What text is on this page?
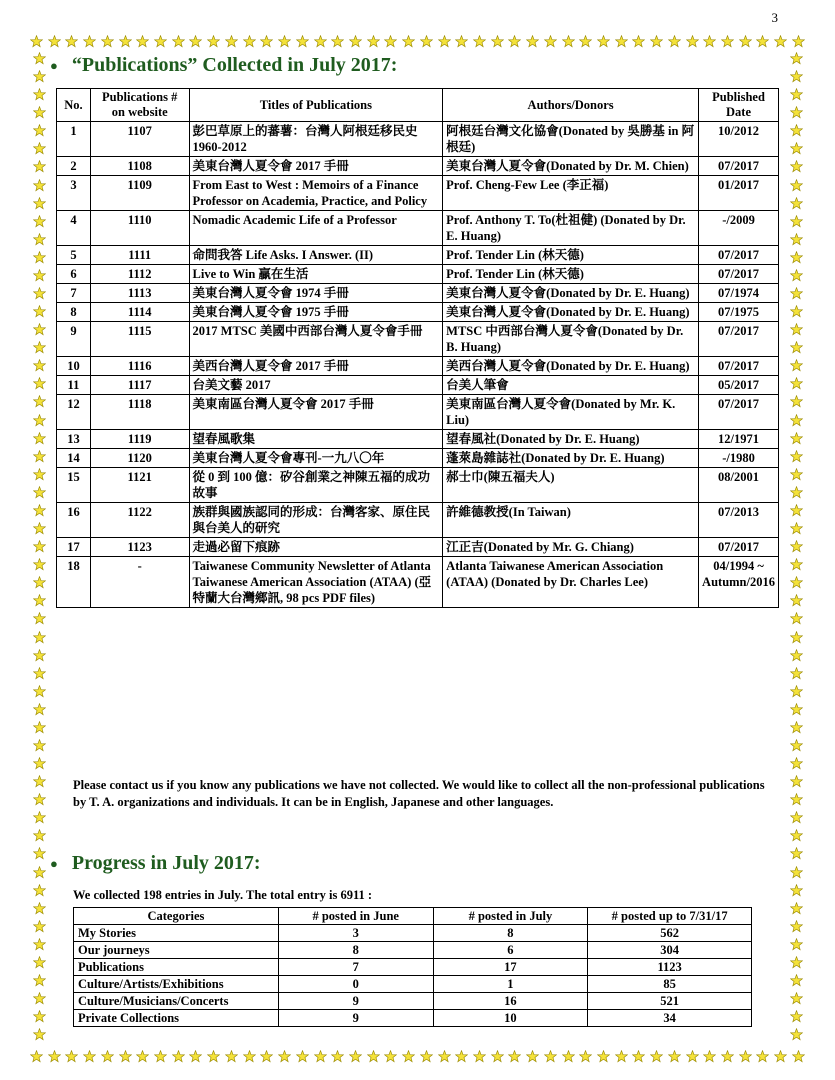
3
● “Publications” Collected in July 2017:
No.	Publications # on website	Titles of Publications	Authors/Donors	Published Date
1	1107	彭巴草原上的蕃薯：台灣人阿根廷移民史 1960-2012	阿根廷台灣文化協會(Donated by 吳勝基 in 阿根廷)	10/2012
2	1108	美東台灣人夏令會 2017 手冊	美東台灣人夏令會(Donated by Dr. M. Chien)	07/2017
3	1109	From East to West : Memoirs of a Finance Professor on Academia, Practice, and Policy	Prof. Cheng-Few Lee (李正福)	01/2017
4	1110	Nomadic Academic Life of a Professor	Prof. Anthony T. To(杜祖健) (Donated by Dr. E. Huang)	-/2009
5	1111	命問我答 Life Asks. I Answer. (II)	Prof. Tender Lin (林天德)	07/2017
6	1112	Live to Win 贏在生活	Prof. Tender Lin (林天德)	07/2017
7	1113	美東台灣人夏令會 1974 手冊	美東台灣人夏令會(Donated by Dr. E. Huang)	07/1974
8	1114	美東台灣人夏令會 1975 手冊	美東台灣人夏令會(Donated by Dr. E. Huang)	07/1975
9	1115	2017 MTSC 美國中西部台灣人夏令會手冊	MTSC 中西部台灣人夏令會(Donated by Dr. B. Huang)	07/2017
10	1116	美西台灣人夏令會 2017 手冊	美西台灣人夏令會(Donated by Dr. E. Huang)	07/2017
11	1117	台美文藝 2017	台美人筆會	05/2017
12	1118	美東南區台灣人夏令會 2017 手冊	美東南區台灣人夏令會(Donated by Mr. K. Liu)	07/2017
13	1119	望春風歌集	望春風社(Donated by Dr. E. Huang)	12/1971
14	1120	美東台灣人夏令會專刊-一九八〇年	蓬萊島雜誌社(Donated by Dr. E. Huang)	-/1980
15	1121	從 0 到 100 億：矽谷創業之神陳五福的成功故事	郝士巾(陳五福夫人)	08/2001
16	1122	族群與國族認同的形成：台灣客家、原住民與台美人的研究	許維德教授(In Taiwan)	07/2013
17	1123	走過必留下痕跡	江正吉(Donated by Mr. G. Chiang)	07/2017
18	-	Taiwanese Community Newsletter of Atlanta Taiwanese American Association (ATAA) (亞特蘭大台灣鄉訊, 98 pcs PDF files)	Atlanta Taiwanese American Association (ATAA) (Donated by Dr. Charles Lee)	04/1994 ~ Autumn/2016
Please contact us if you know any publications we have not collected. We would like to collect all the non-professional publications by T. A. organizations and individuals. It can be in English, Japanese and other languages.
● Progress in July 2017:
We collected 198 entries in July. The total entry is 6911 :
Categories	# posted in June	# posted in July	# posted up to 7/31/17
My Stories	3	8	562
Our journeys	8	6	304
Publications	7	17	1123
Culture/Artists/Exhibitions	0	1	85
Culture/Musicians/Concerts	9	16	521
Private Collections	9	10	34
